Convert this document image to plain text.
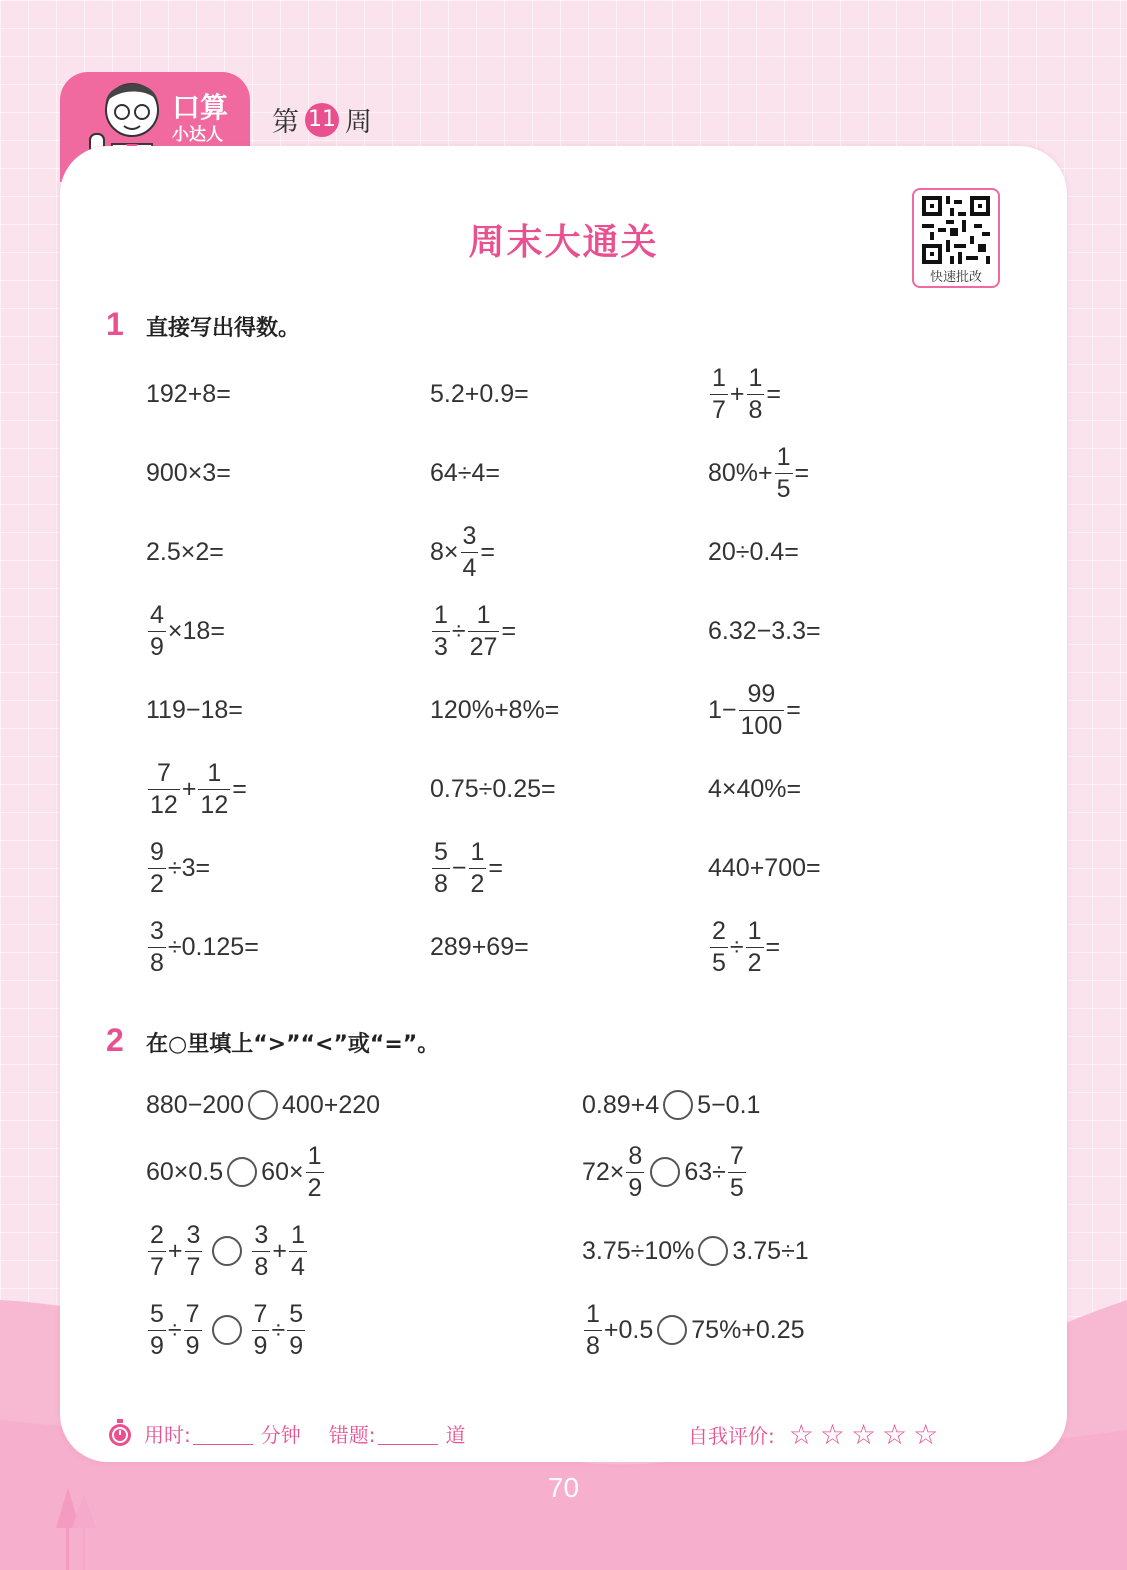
口算
小达人 第 11 周
周末大通关
快速批改
1 直接写出得数。
192+8=	5.2+0.9=	$\frac{1}{7} + \frac{1}{8}$ =
900×3=	64÷4=	$80\%+ \frac{1}{5}$ =
2.5×2=	$8\times \frac{3}{4}$ =	20÷0.4=
$\frac{4}{9} \times 18=$	$\frac{1}{3} \div \frac{1}{27}$ =	6.32−3.3=
119−18=	120%+8%=	$1- \frac{99}{100}$ =
$\frac{7}{12} + \frac{1}{12}$ =	0.75÷0.25=	4×40%=
$\frac{9}{2} \div 3=$	$\frac{5}{8} - \frac{1}{2}$ =	440+700=
$\frac{3}{8} \div 0.125=$	289+69=	$\frac{2}{5} \div \frac{1}{2}$ =
2 在○里填上“>”“<”或“=”。
880−200 400+220	0.89+4 5−0.1
60×0.5 $60\times \frac{1}{2}$	$72\times \frac{8}{9} 63\div \frac{7}{5}$
$\frac{2}{7} + \frac{3}{7} \frac{3}{8} + \frac{1}{4}$	3.75÷10% 3.75÷1
$\frac{5}{9} \div \frac{7}{9} \frac{7}{9} \div \frac{5}{9}$	$\frac{1}{8} +0.5$ 75%+0.25
用时:	分钟 错题:	道	自我评价: ☆☆☆☆☆
70
